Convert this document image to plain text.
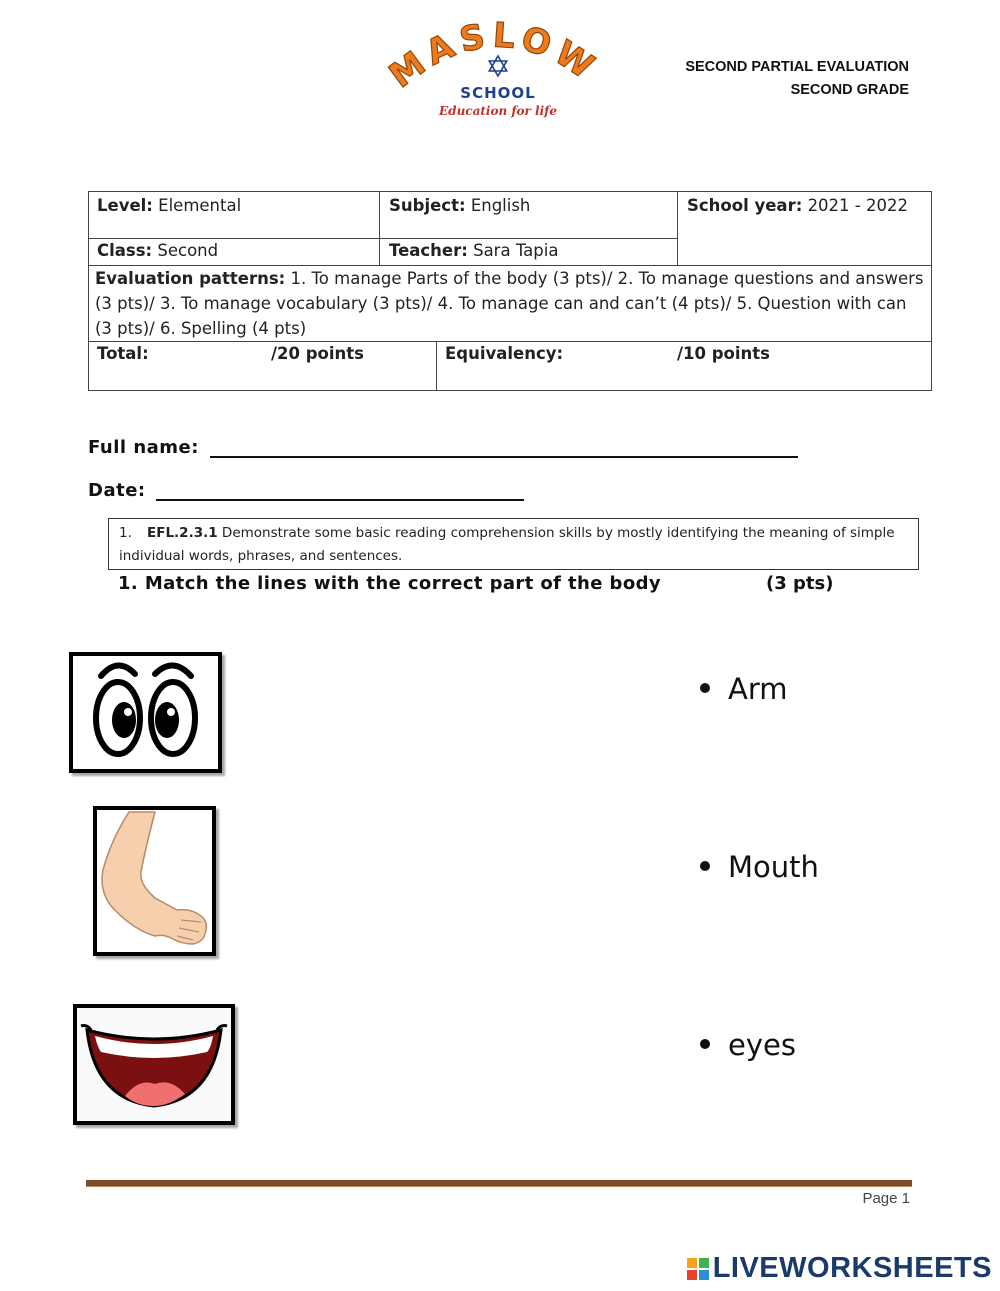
MASLOW
SCHOOL
Education for life
SECOND PARTIAL EVALUATION
SECOND GRADE
Level: Elemental	Subject: English	School year: 2021 - 2022
Class: Second	Teacher: Sara Tapia
Evaluation patterns: 1. To manage Parts of the body (3 pts)/ 2. To manage questions and answers (3 pts)/ 3. To manage vocabulary (3 pts)/ 4. To manage can and can’t (4 pts)/ 5. Question with can (3 pts)/ 6. Spelling (4 pts)
Total:	/20 points	Equivalency:	/10 points
Full name:
Date:
1. EFL.2.3.1 Demonstrate some basic reading comprehension skills by mostly identifying the meaning of simple individual words, phrases, and sentences.
1. Match the lines with the correct part of the body	(3 pts)
Arm
Mouth
eyes
Page 1
LIVEWORKSHEETS
